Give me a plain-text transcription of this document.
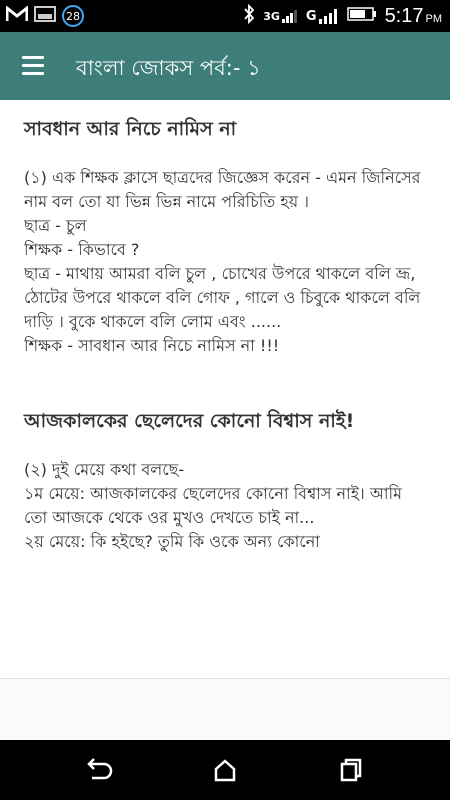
28	3G G	5:17 PM
বাংলা জোকস পর্ব:- ১
সাবধান আর নিচে নামিস না
(১) এক শিক্ষক ক্লাসে ছাত্রদের জিজ্ঞেস করেন - এমন জিনিসের নাম বল তো যা ভিন্ন ভিন্ন নামে পরিচিতি হয় ।
ছাত্র - চুল
শিক্ষক - কিভাবে ?
ছাত্র - মাথায় আমরা বলি চুল , চোখের উপরে থাকলে বলি ভ্রূ, ঠোটের উপরে থাকলে বলি গোফ , গালে ও চিবুকে থাকলে বলি দাড়ি । বুকে থাকলে বলি লোম এবং ......
শিক্ষক - সাবধান আর নিচে নামিস না !!!
আজকালকের ছেলেদের কোনো বিশ্বাস নাই!
(২) দুই মেয়ে কথা বলছে-
১ম মেয়ে: আজকালকের ছেলেদের কোনো বিশ্বাস নাই। আমি তো আজকে থেকে ওর মুখও দেখতে চাই না...
২য় মেয়ে: কি হইছে? তুমি কি ওকে অন্য কোনো
